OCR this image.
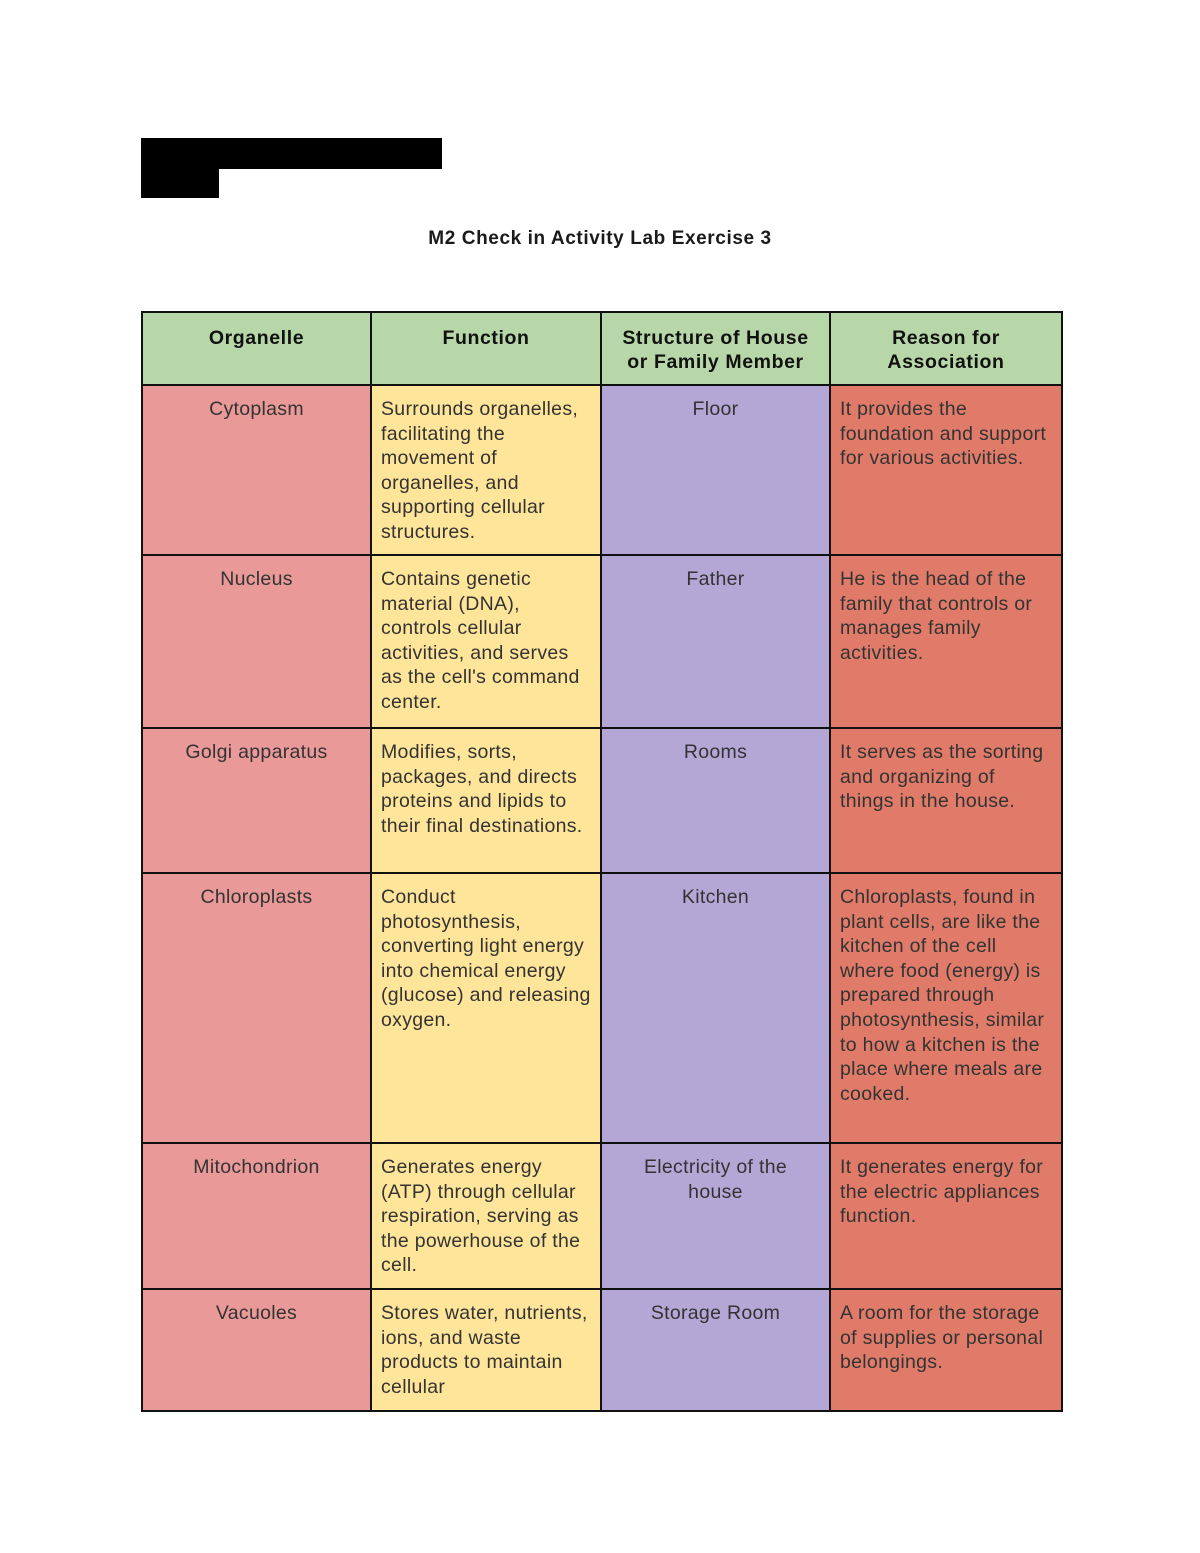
M2 Check in Activity Lab Exercise 3
Organelle	Function	Structure of House or Family Member	Reason for Association
Cytoplasm	Surrounds organelles, facilitating the movement of organelles, and supporting cellular structures.	Floor	It provides the foundation and support for various activities.
Nucleus	Contains genetic material (DNA), controls cellular activities, and serves as the cell's command center.	Father	He is the head of the family that controls or manages family activities.
Golgi apparatus	Modifies, sorts, packages, and directs proteins and lipids to their final destinations.	Rooms	It serves as the sorting and organizing of things in the house.
Chloroplasts	Conduct photosynthesis, converting light energy into chemical energy (glucose) and releasing oxygen.	Kitchen	Chloroplasts, found in plant cells, are like the kitchen of the cell where food (energy) is prepared through photosynthesis, similar to how a kitchen is the place where meals are cooked.
Mitochondrion	Generates energy (ATP) through cellular respiration, serving as the powerhouse of the cell.	Electricity of the house	It generates energy for the electric appliances function.
Vacuoles	Stores water, nutrients, ions, and waste products to maintain cellular	Storage Room	A room for the storage of supplies or personal belongings.
